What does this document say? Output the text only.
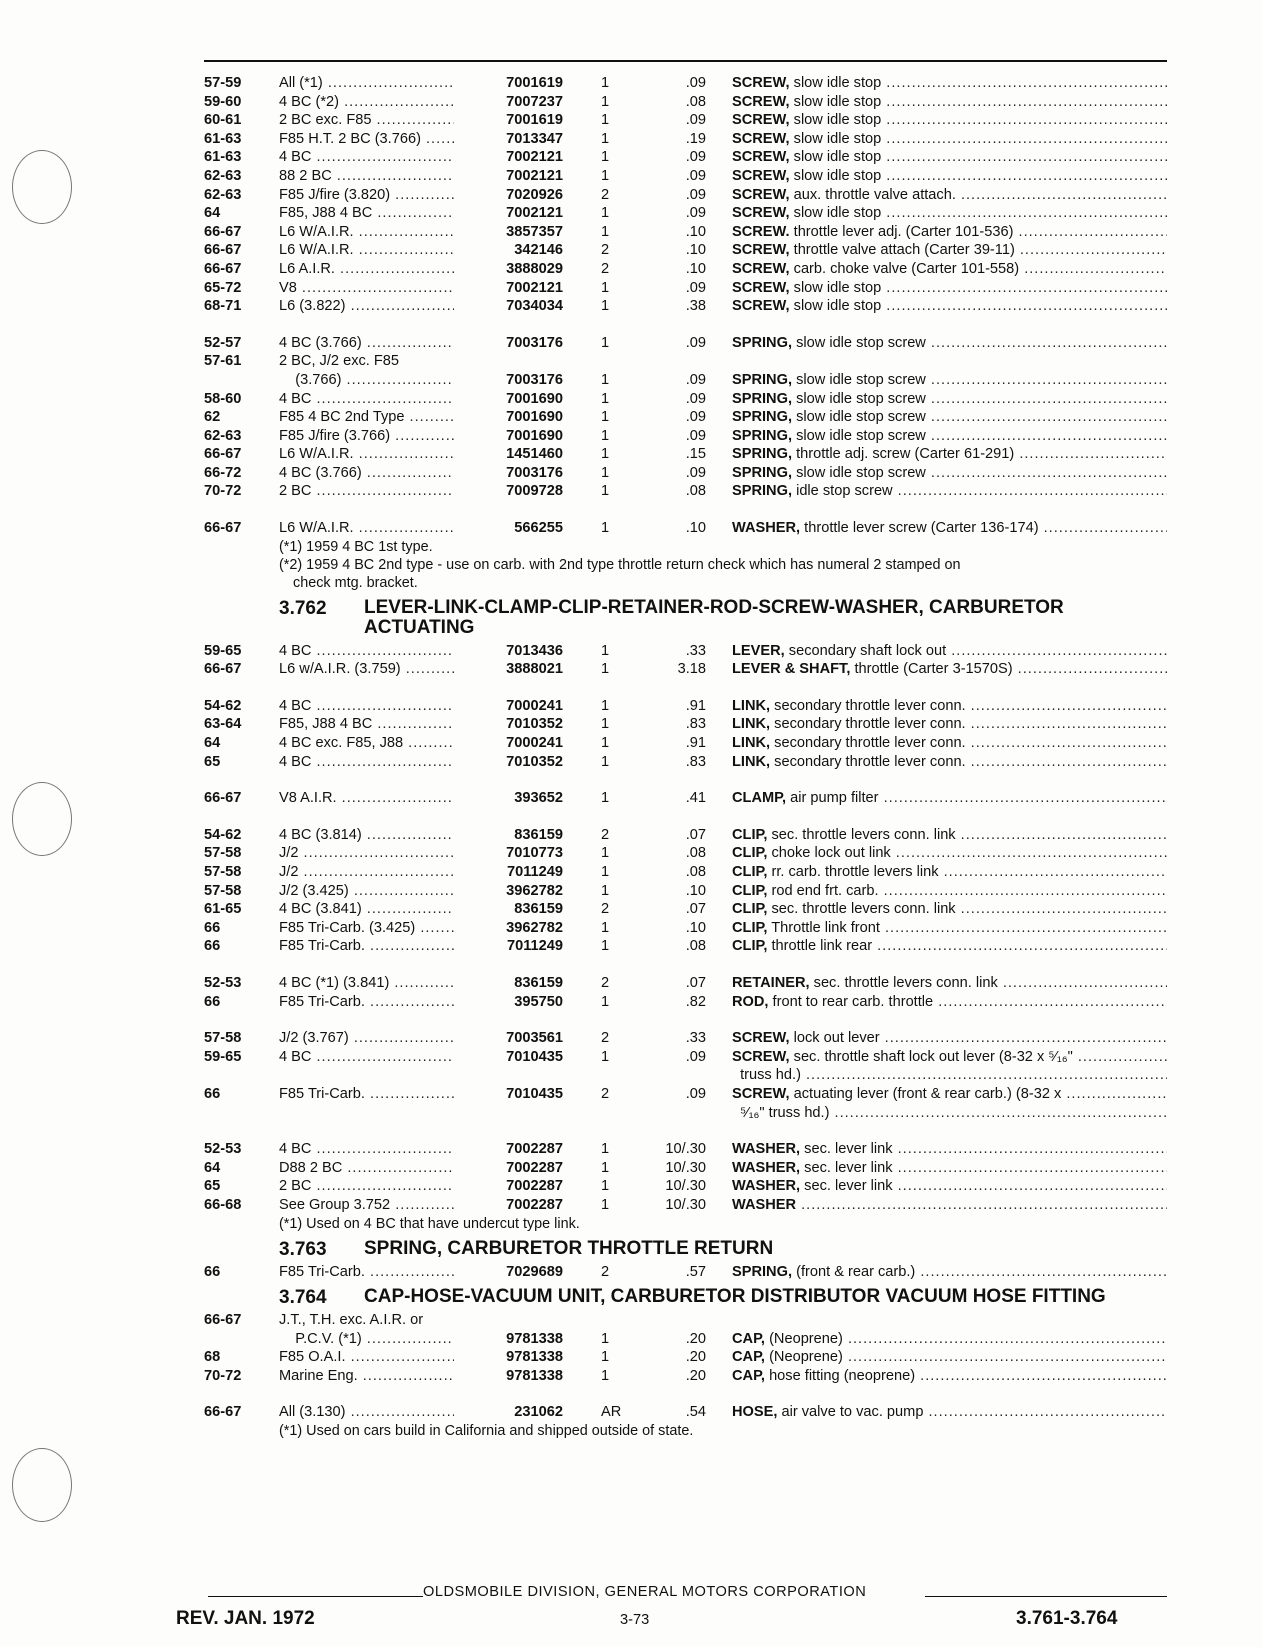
57-59	All (*1) .....	7001619	1	.09 SCREW, slow idle stop .....
59-60	4 BC (*2) .....	7007237	1	.08 SCREW, slow idle stop .....
60-61	2 BC exc. F85 .....	7001619	1	.09 SCREW, slow idle stop .....
61-63	F85 H.T. 2 BC (3.766) .....	7013347	1	.19 SCREW, slow idle stop .....
61-63	4 BC .....	7002121	1	.09 SCREW, slow idle stop .....
62-63	88 2 BC .....	7002121	1	.09 SCREW, slow idle stop .....
62-63	F85 J/fire (3.820) .....	7020926	2	.09 SCREW, aux. throttle valve attach. .....
64	F85, J88 4 BC .....	7002121	1	.09 SCREW, slow idle stop .....
66-67	L6 W/A.I.R. .....	3857357	1	.10 SCREW. throttle lever adj. (Carter 101-536) .....
66-67	L6 W/A.I.R. .....	342146	2	.10 SCREW, throttle valve attach (Carter 39-11) .....
66-67	L6 A.I.R. .....	3888029	2	.10 SCREW, carb. choke valve (Carter 101-558) .....
65-72	V8 .....	7002121	1	.09 SCREW, slow idle stop .....
68-71	L6 (3.822) .....	7034034	1	.38 SCREW, slow idle stop .....
52-57	4 BC (3.766) .....	7003176	1	.09 SPRING, slow idle stop screw .....
57-61	2 BC, J/2 exc. F85
(3.766) .....	7003176	1	.09 SPRING, slow idle stop screw .....
58-60	4 BC .....	7001690	1	.09 SPRING, slow idle stop screw .....
62	F85 4 BC 2nd Type .....	7001690	1	.09 SPRING, slow idle stop screw .....
62-63	F85 J/fire (3.766) .....	7001690	1	.09 SPRING, slow idle stop screw .....
66-67	L6 W/A.I.R. .....	1451460	1	.15 SPRING, throttle adj. screw (Carter 61-291) .....
66-72	4 BC (3.766) .....	7003176	1	.09 SPRING, slow idle stop screw .....
70-72	2 BC .....	7009728	1	.08 SPRING, idle stop screw .....
66-67	L6 W/A.I.R. .....	566255	1	.10 WASHER, throttle lever screw (Carter 136-174) .....
(*1) 1959 4 BC 1st type.
(*2) 1959 4 BC 2nd type - use on carb. with 2nd type throttle return check which has numeral 2 stamped on
check mtg. bracket.
3.762 LEVER-LINK-CLAMP-CLIP-RETAINER-ROD-SCREW-WASHER, CARBURETOR ACTUATING
59-65	4 BC .....	7013436	1	.33 LEVER, secondary shaft lock out .....
66-67	L6 w/A.I.R. (3.759) .....	3888021	1	3.18 LEVER & SHAFT, throttle (Carter 3-1570S) .....
54-62	4 BC .....	7000241	1	.91 LINK, secondary throttle lever conn. .....
63-64	F85, J88 4 BC .....	7010352	1	.83 LINK, secondary throttle lever conn. .....
64	4 BC exc. F85, J88 .....	7000241	1	.91 LINK, secondary throttle lever conn. .....
65	4 BC .....	7010352	1	.83 LINK, secondary throttle lever conn. .....
66-67	V8 A.I.R. .....	393652	1	.41 CLAMP, air pump filter .....
54-62	4 BC (3.814) .....	836159	2	.07 CLIP, sec. throttle levers conn. link .....
57-58	J/2 .....	7010773	1	.08 CLIP, choke lock out link .....
57-58	J/2 .....	7011249	1	.08 CLIP, rr. carb. throttle levers link .....
57-58	J/2 (3.425) .....	3962782	1	.10 CLIP, rod end frt. carb. .....
61-65	4 BC (3.841) .....	836159	2	.07 CLIP, sec. throttle levers conn. link .....
66	F85 Tri-Carb. (3.425) .....	3962782	1	.10 CLIP, Throttle link front .....
66	F85 Tri-Carb. .....	7011249	1	.08 CLIP, throttle link rear .....
52-53	4 BC (*1) (3.841) .....	836159	2	.07 RETAINER, sec. throttle levers conn. link .....
66	F85 Tri-Carb. .....	395750	1	.82 ROD, front to rear carb. throttle .....
57-58	J/2 (3.767) .....	7003561	2	.33 SCREW, lock out lever .....
59-65	4 BC .....	7010435	1	.09 SCREW, sec. throttle shaft lock out lever (8-32 x ⁵⁄₁₆" .....
truss hd.) .....
66	F85 Tri-Carb. .....	7010435	2	.09 SCREW, actuating lever (front & rear carb.) (8-32 x .....
⁵⁄₁₆" truss hd.) .....
52-53	4 BC .....	7002287	1	10/.30 WASHER, sec. lever link .....
64	D88 2 BC .....	7002287	1	10/.30 WASHER, sec. lever link .....
65	2 BC .....	7002287	1	10/.30 WASHER, sec. lever link .....
66-68	See Group 3.752 .....	7002287	1	10/.30 WASHER .....
(*1) Used on 4 BC that have undercut type link.
3.763 SPRING, CARBURETOR THROTTLE RETURN
66	F85 Tri-Carb. .....	7029689	2	.57 SPRING, (front & rear carb.) .....
3.764 CAP-HOSE-VACUUM UNIT, CARBURETOR DISTRIBUTOR VACUUM HOSE FITTING
66-67	J.T., T.H. exc. A.I.R. or
P.C.V. (*1) .....	9781338	1	.20 CAP, (Neoprene) .....
68	F85 O.A.I. .....	9781338	1	.20 CAP, (Neoprene) .....
70-72	Marine Eng. .....	9781338	1	.20 CAP, hose fitting (neoprene) .....
66-67	All (3.130) .....	231062	AR	.54 HOSE, air valve to vac. pump .....
(*1) Used on cars build in California and shipped outside of state.
OLDSMOBILE DIVISION, GENERAL MOTORS CORPORATION
REV. JAN. 1972	3-73	3.761-3.764
